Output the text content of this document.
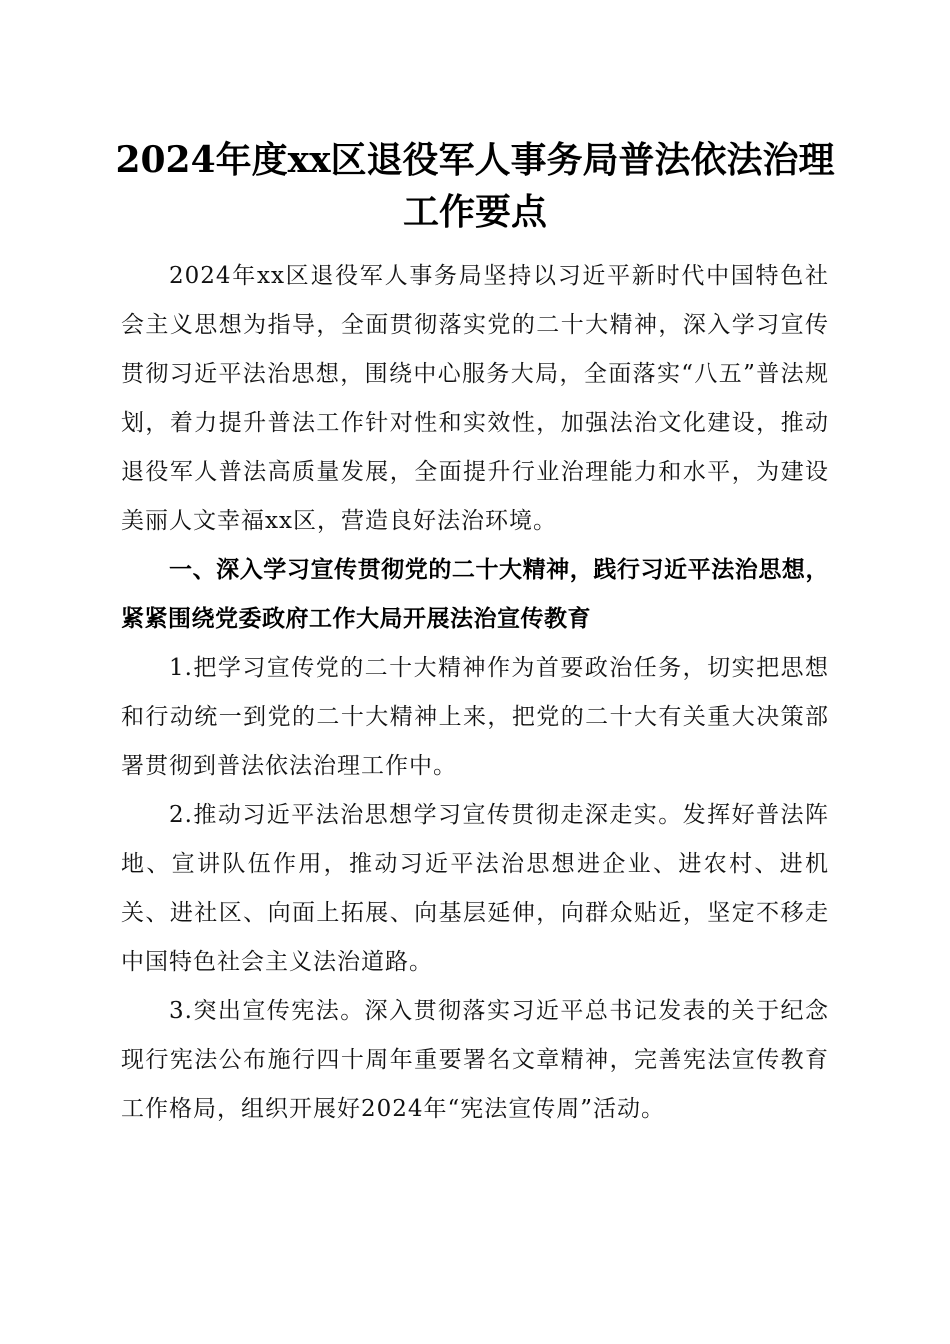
2024年度xx区退役军人事务局普法依法治理
工作要点

2024年xx区退役军人事务局坚持以习近平新时代中国特色社会主义思想为指导，全面贯彻落实党的二十大精神，深入学习宣传贯彻习近平法治思想，围绕中心服务大局，全面落实“八五”普法规划，着力提升普法工作针对性和实效性，加强法治文化建设，推动退役军人普法高质量发展，全面提升行业治理能力和水平，为建设美丽人文幸福xx区，营造良好法治环境。

一、深入学习宣传贯彻党的二十大精神，践行习近平法治思想，紧紧围绕党委政府工作大局开展法治宣传教育

1.把学习宣传党的二十大精神作为首要政治任务，切实把思想和行动统一到党的二十大精神上来，把党的二十大有关重大决策部署贯彻到普法依法治理工作中。

2.推动习近平法治思想学习宣传贯彻走深走实。发挥好普法阵地、宣讲队伍作用，推动习近平法治思想进企业、进农村、进机关、进社区、向面上拓展、向基层延伸，向群众贴近，坚定不移走中国特色社会主义法治道路。

3.突出宣传宪法。深入贯彻落实习近平总书记发表的关于纪念现行宪法公布施行四十周年重要署名文章精神，完善宪法宣传教育工作格局，组织开展好2024年“宪法宣传周”活动。
